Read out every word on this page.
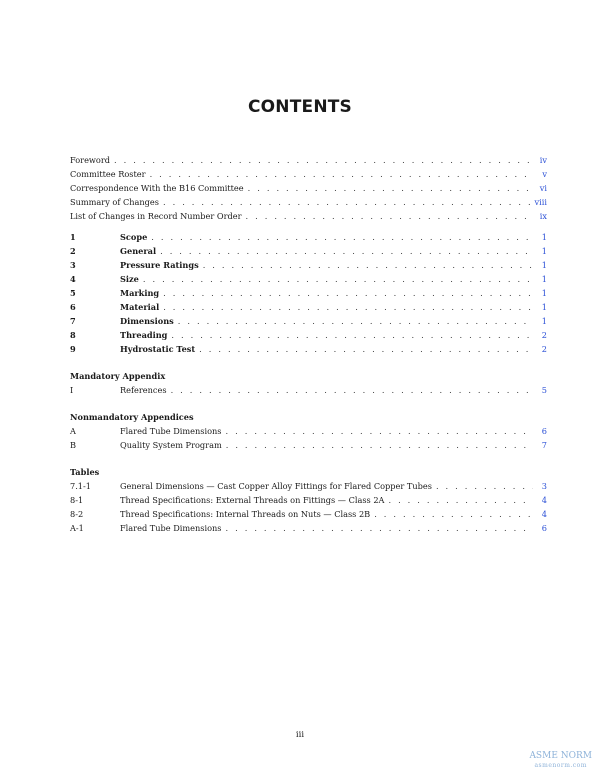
CONTENTS
Foreword . . .	iv
Committee Roster . . .	v
Correspondence With the B16 Committee . . .	vi
Summary of Changes . . .	viii
List of Changes in Record Number Order . . .	ix
1	Scope . . .	1
2	General . . .	1
3	Pressure Ratings . . .	1
4	Size . . .	1
5	Marking . . .	1
6	Material . . .	1
7	Dimensions . . .	1
8	Threading . . .	2
9	Hydrostatic Test . . .	2
Mandatory Appendix
I	References . . .	5
Nonmandatory Appendices
A	Flared Tube Dimensions . . .	6
B	Quality System Program . . .	7
Tables
7.1-1	General Dimensions — Cast Copper Alloy Fittings for Flared Copper Tubes . . .	3
8-1	Thread Specifications: External Threads on Fittings — Class 2A . . .	4
8-2	Thread Specifications: Internal Threads on Nuts — Class 2B . . .	4
A-1	Flared Tube Dimensions . . .	6
iii
ASME NORM
asmenorm.com
